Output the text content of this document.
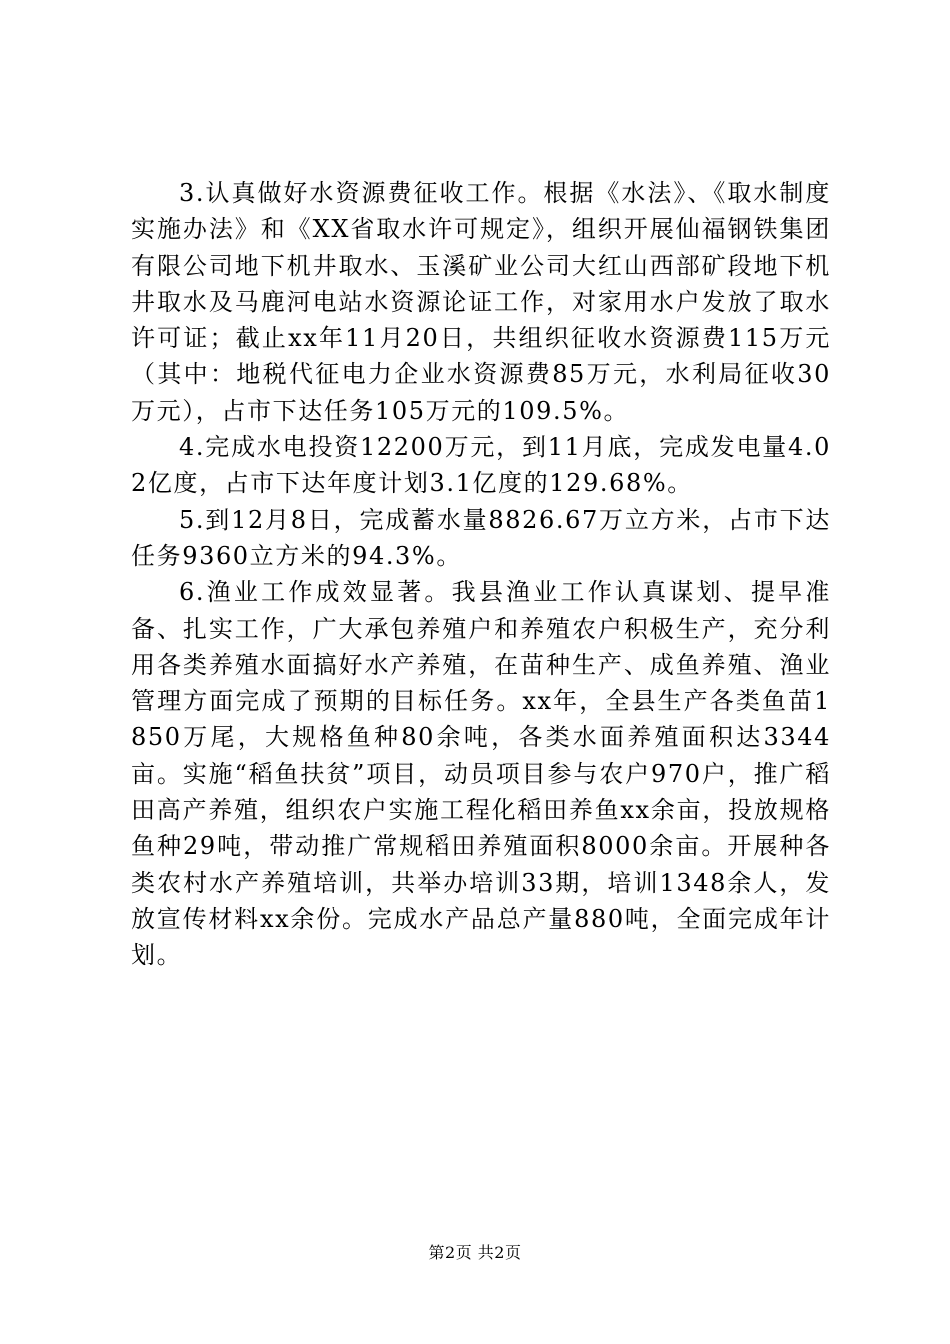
3.认真做好水资源费征收工作。根据《水法》、《取水制度实施办法》和《XX省取水许可规定》，组织开展仙福钢铁集团有限公司地下机井取水、玉溪矿业公司大红山西部矿段地下机井取水及马鹿河电站水资源论证工作，对家用水户发放了取水许可证；截止xx年11月20日，共组织征收水资源费115万元（其中：地税代征电力企业水资源费85万元，水利局征收30万元），占市下达任务105万元的109.5%。

4.完成水电投资12200万元，到11月底，完成发电量4.02亿度，占市下达年度计划3.1亿度的129.68%。

5.到12月8日，完成蓄水量8826.67万立方米，占市下达任务9360立方米的94.3%。

6.渔业工作成效显著。我县渔业工作认真谋划、提早准备、扎实工作，广大承包养殖户和养殖农户积极生产，充分利用各类养殖水面搞好水产养殖，在苗种生产、成鱼养殖、渔业管理方面完成了预期的目标任务。xx年，全县生产各类鱼苗1850万尾，大规格鱼种80余吨，各类水面养殖面积达3344亩。实施“稻鱼扶贫”项目，动员项目参与农户970户，推广稻田高产养殖，组织农户实施工程化稻田养鱼xx余亩，投放规格鱼种29吨，带动推广常规稻田养殖面积8000余亩。开展种各类农村水产养殖培训，共举办培训33期，培训1348余人，发放宣传材料xx余份。完成水产品总产量880吨，全面完成年计划。

第2页 共2页
